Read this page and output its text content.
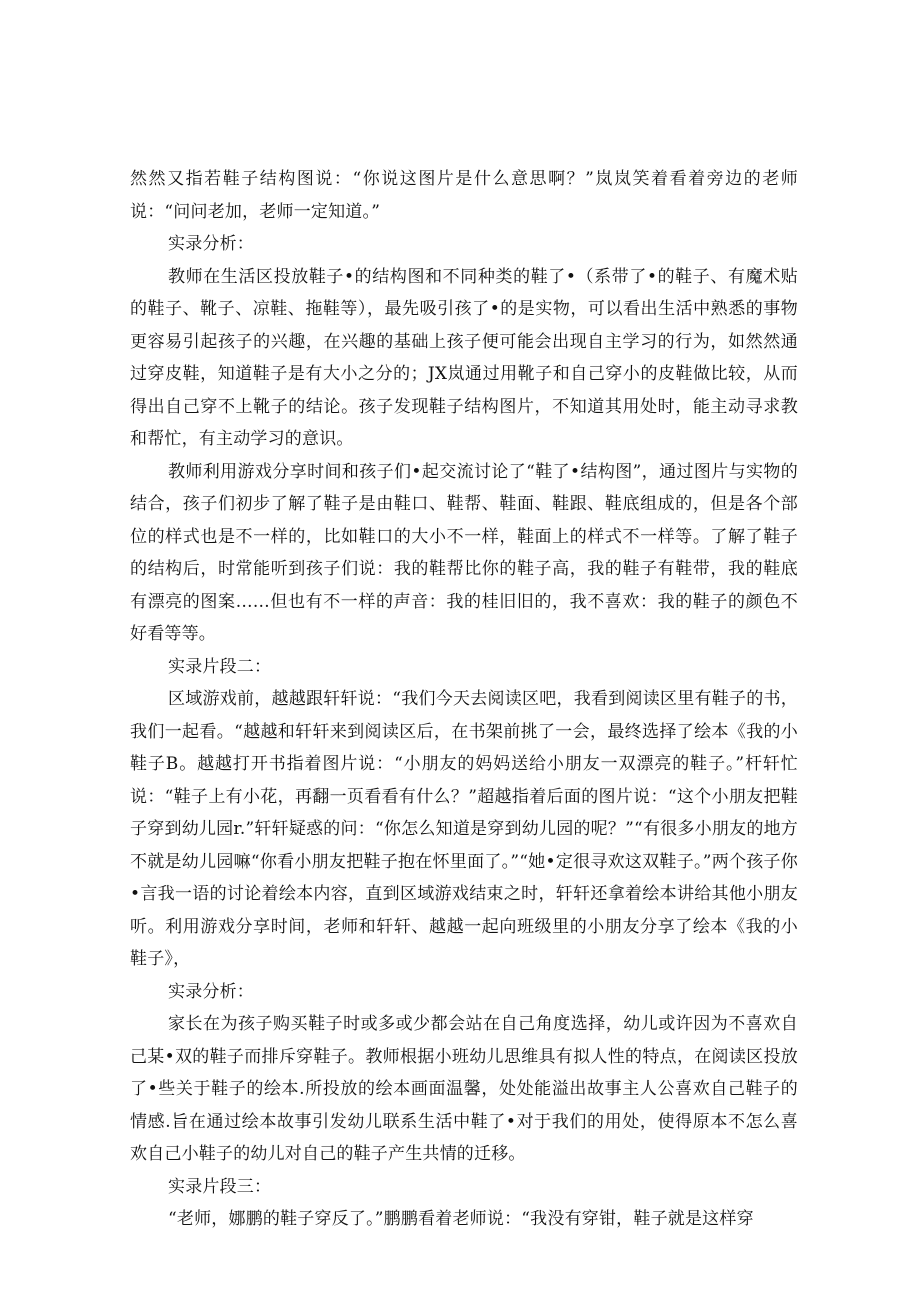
然然又指若鞋子结构图说：“你说这图片是什么意思啊？”岚岚笑着看着旁边的老师说：“问问老加，老师一定知道。”

实录分析：

教师在生活区投放鞋子•的结构图和不同种类的鞋了•（系带了•的鞋子、有魔术贴的鞋子、靴子、凉鞋、拖鞋等），最先吸引孩了•的是实物，可以看出生活中熟悉的事物更容易引起孩子的兴趣，在兴趣的基础上孩子便可能会出现自主学习的行为，如然然通过穿皮鞋，知道鞋子是有大小之分的；JX岚通过用靴子和自己穿小的皮鞋做比较，从而得出自己穿不上靴子的结论。孩子发现鞋子结构图片，不知道其用处时，能主动寻求教和帮忙，有主动学习的意识。

教师利用游戏分享时间和孩子们•起交流讨论了“鞋了•结构图”，通过图片与实物的结合，孩子们初步了解了鞋子是由鞋口、鞋帮、鞋面、鞋跟、鞋底组成的，但是各个部位的样式也是不一样的，比如鞋口的大小不一样，鞋面上的样式不一样等。了解了鞋子的结构后，时常能听到孩子们说：我的鞋帮比你的鞋子高，我的鞋子有鞋带，我的鞋底有漂亮的图案……但也有不一样的声音：我的桂旧旧的，我不喜欢：我的鞋子的颜色不好看等等。

实录片段二：

区域游戏前，越越跟轩轩说：“我们今天去阅读区吧，我看到阅读区里有鞋子的书，我们一起看。“越越和轩轩来到阅读区后，在书架前挑了一会，最终选择了绘本《我的小鞋子B。越越打开书指着图片说：“小朋友的妈妈送给小朋友一双漂亮的鞋子。”杆轩忙说：“鞋子上有小花，再翻一页看看有什么？”超越指着后面的图片说：“这个小朋友把鞋子穿到幼儿园r.”轩轩疑惑的问：“你怎么知道是穿到幼儿园的呢？”“有很多小朋友的地方不就是幼儿园嘛“你看小朋友把鞋子抱在怀里面了。”“她•定很寻欢这双鞋子。”两个孩子你•言我一语的讨论着绘本内容，直到区域游戏结束之时，轩轩还拿着绘本讲给其他小朋友听。利用游戏分享时间，老师和轩轩、越越一起向班级里的小朋友分享了绘本《我的小鞋子》，

实录分析：

家长在为孩子购买鞋子时或多或少都会站在自己角度选择，幼儿或许因为不喜欢自己某•双的鞋子而排斥穿鞋子。教师根据小班幼儿思维具有拟人性的特点，在阅读区投放了•些关于鞋子的绘本.所投放的绘本画面温馨，处处能溢出故事主人公喜欢自己鞋子的情感.旨在通过绘本故事引发幼儿联系生活中鞋了•对于我们的用处，使得原本不怎么喜欢自己小鞋子的幼儿对自己的鞋子产生共情的迁移。

实录片段三：

“老师，娜鹏的鞋子穿反了。”鹏鹏看着老师说：“我没有穿钳，鞋子就是这样穿
